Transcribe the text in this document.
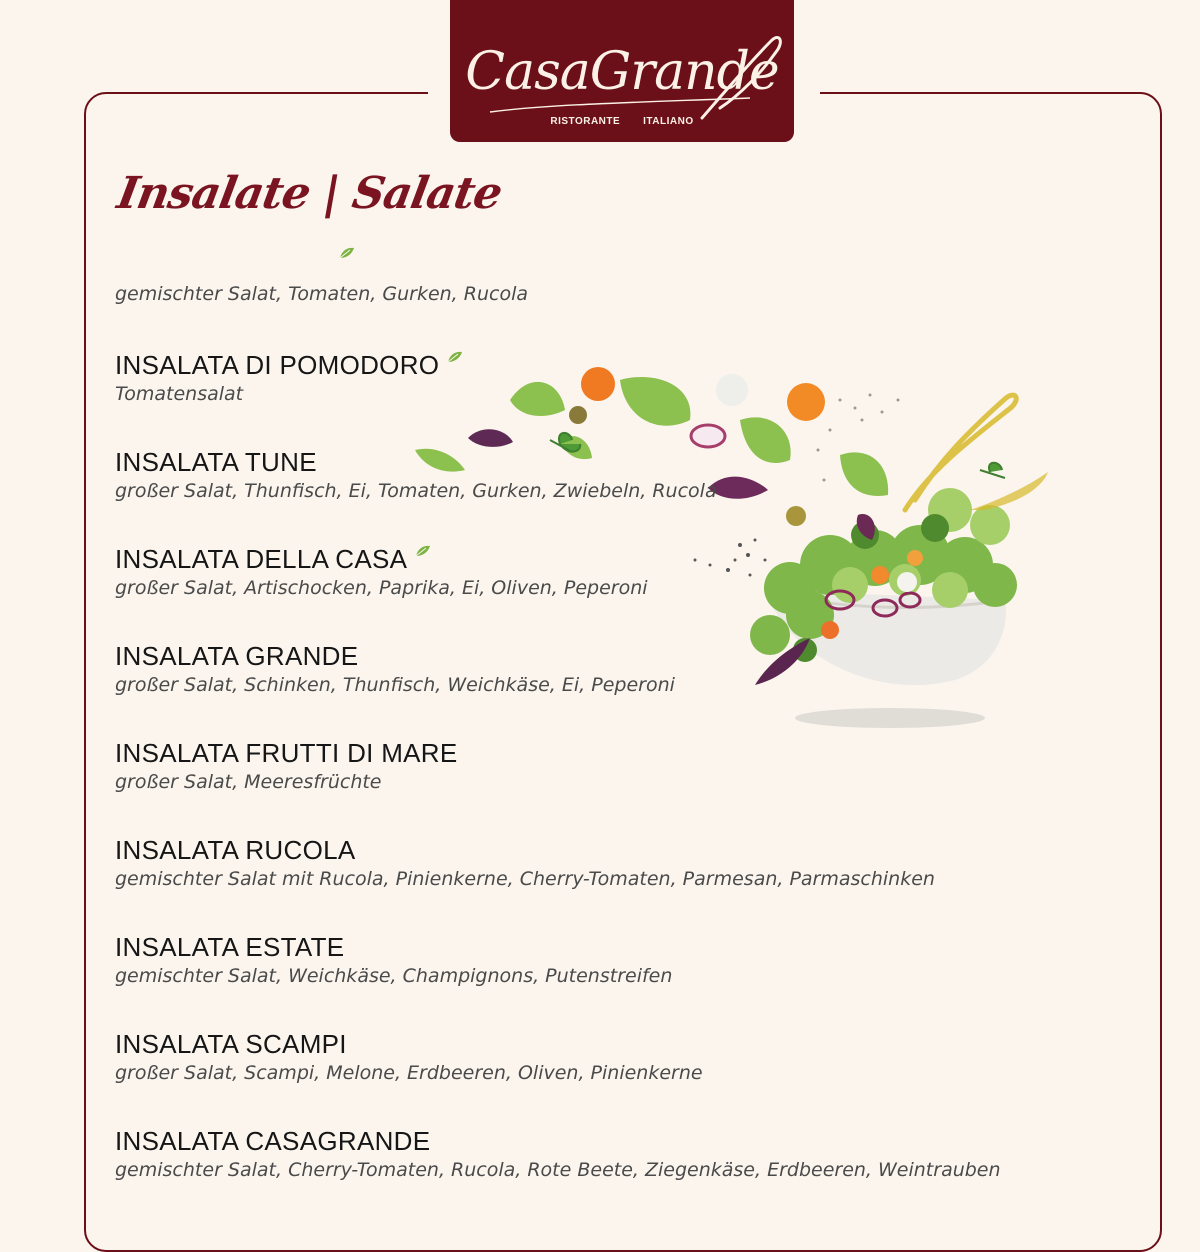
CasaGrande
RISTORANTE ITALIANO
Insalate | Salate
gemischter Salat, Tomaten, Gurken, Rucola
INSALATA DI POMODORO
Tomatensalat
INSALATA TUNE
großer Salat, Thunfisch, Ei, Tomaten, Gurken, Zwiebeln, Rucola
INSALATA DELLA CASA
großer Salat, Artischocken, Paprika, Ei, Oliven, Peperoni
INSALATA GRANDE
großer Salat, Schinken, Thunfisch, Weichkäse, Ei, Peperoni
INSALATA FRUTTI DI MARE
großer Salat, Meeresfrüchte
INSALATA RUCOLA
gemischter Salat mit Rucola, Pinienkerne, Cherry-Tomaten, Parmesan, Parmaschinken
INSALATA ESTATE
gemischter Salat, Weichkäse, Champignons, Putenstreifen
INSALATA SCAMPI
großer Salat, Scampi, Melone, Erdbeeren, Oliven, Pinienkerne
INSALATA CASAGRANDE
gemischter Salat, Cherry-Tomaten, Rucola, Rote Beete, Ziegenkäse, Erdbeeren, Weintrauben
